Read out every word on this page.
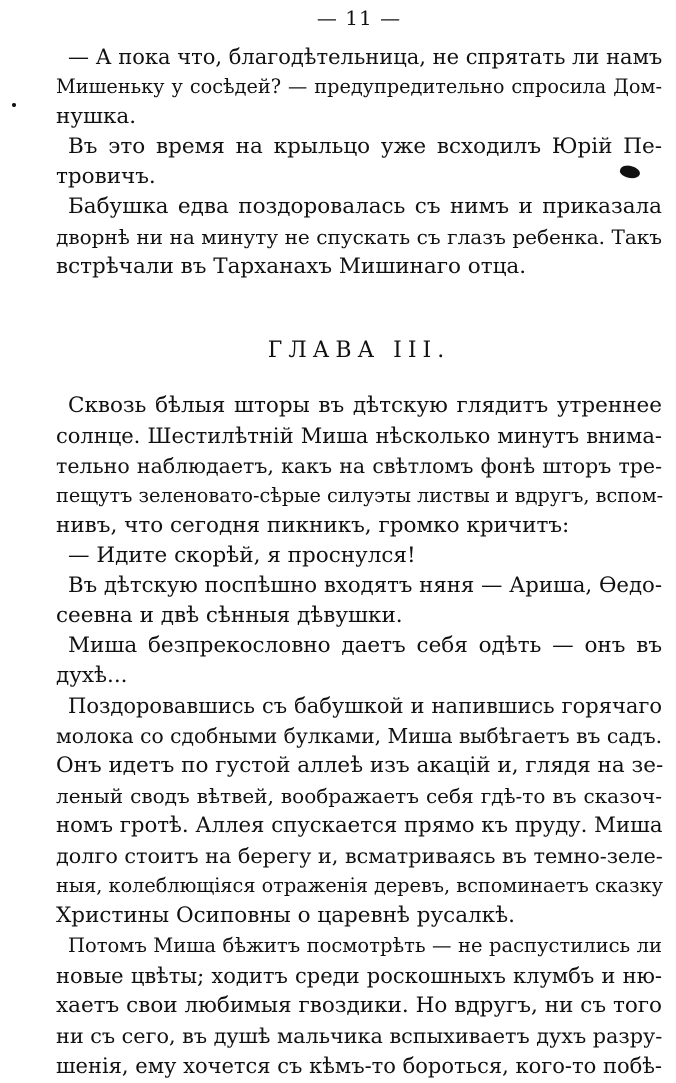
— 11 —
— А пока что, благодѣтельница, не спрятать ли намъ
Мишеньку у сосѣдей? — предупредительно спросила Дом-
нушка.
Въ это время на крыльцо уже всходилъ Юрій Пе-
тровичъ.
Бабушка едва поздоровалась съ нимъ и приказала
дворнѣ ни на минуту не спускать съ глазъ ребенка. Такъ
встрѣчали въ Тарханахъ Мишинаго отца.
ГЛАВА III.
Сквозь бѣлыя шторы въ дѣтскую глядитъ утреннее
солнце. Шестилѣтній Миша нѣсколько минутъ внима-
тельно наблюдаетъ, какъ на свѣтломъ фонѣ шторъ тре-
пещутъ зеленовато-сѣрые силуэты листвы и вдругъ, вспом-
нивъ, что сегодня пикникъ, громко кричитъ:
— Идите скорѣй, я проснулся!
Въ дѣтскую поспѣшно входятъ няня — Ариша, Ѳедо-
сеевна и двѣ сѣнныя дѣвушки.
Миша безпрекословно даетъ себя одѣть — онъ въ
духѣ...
Поздоровавшись съ бабушкой и напившись горячаго
молока со сдобными булками, Миша выбѣгаетъ въ садъ.
Онъ идетъ по густой аллеѣ изъ акацій и, глядя на зе-
леный сводъ вѣтвей, воображаетъ себя гдѣ-то въ сказоч-
номъ гротѣ. Аллея спускается прямо къ пруду. Миша
долго стоитъ на берегу и, всматриваясь въ темно-зеле-
ныя, колеблющіяся отраженія деревъ, вспоминаетъ сказку
Христины Осиповны о царевнѣ русалкѣ.
Потомъ Миша бѣжитъ посмотрѣть — не распустились ли
новые цвѣты; ходитъ среди роскошныхъ клумбъ и ню-
хаетъ свои любимыя гвоздики. Но вдругъ, ни съ того
ни съ сего, въ душѣ мальчика вспыхиваетъ духъ разру-
шенія, ему хочется съ кѣмъ-то бороться, кого-то побѣ-
